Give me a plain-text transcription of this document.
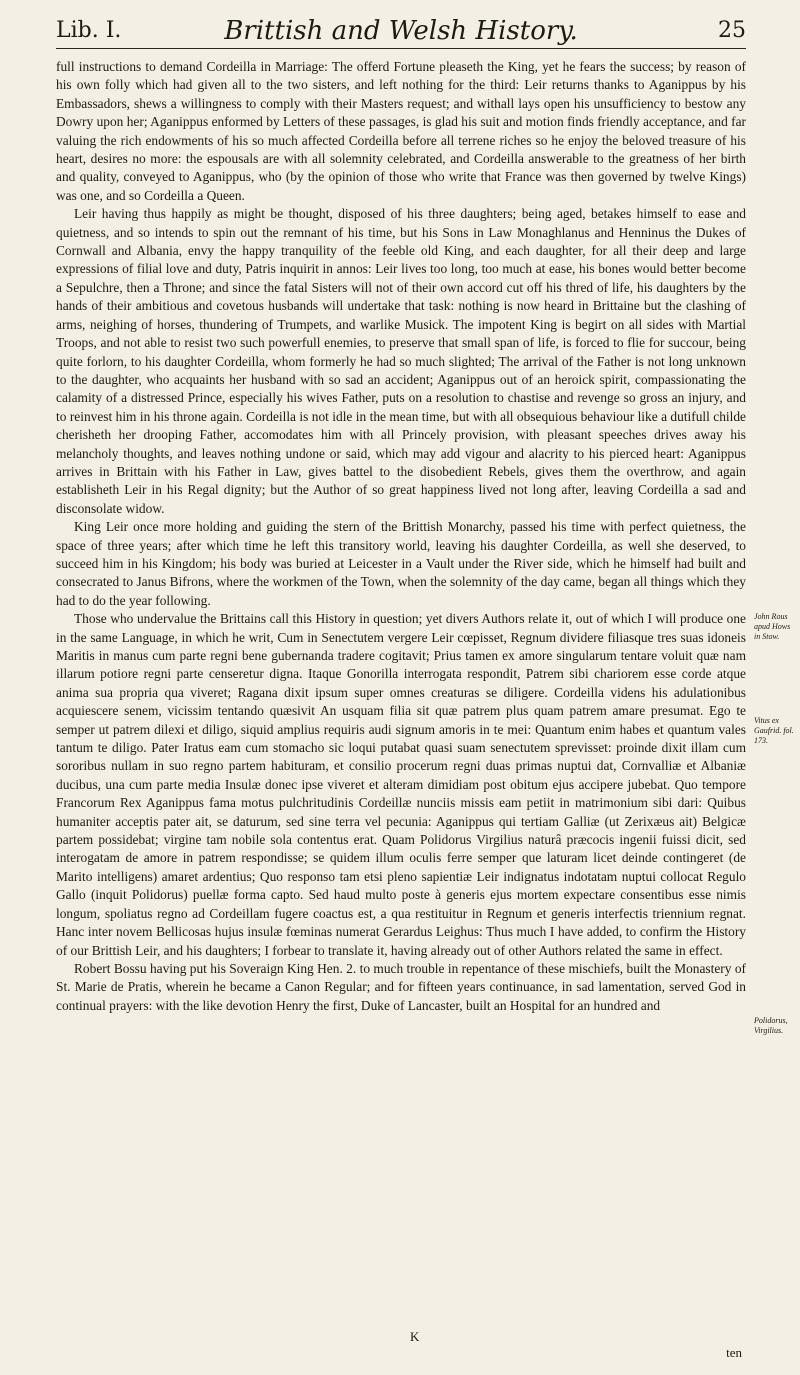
Lib. I.	Brittish and Welsh History.	25

full instructions to demand Cordeilla in Marriage: The offerd Fortune pleaseth the King, yet he fears the success; by reason of his own folly which had given all to the two sisters, and left nothing for the third: Leir returns thanks to Aganippus by his Embassadors, shews a willingness to comply with their Masters request; and withall lays open his unsufficiency to bestow any Dowry upon her; Aganippus enformed by Letters of these passages, is glad his suit and motion finds friendly acceptance, and far valuing the rich endowments of his so much affected Cordeilla before all terrene riches so he enjoy the beloved treasure of his heart, desires no more: the espousals are with all solemnity celebrated, and Cordeilla answerable to the greatness of her birth and quality, conveyed to Aganippus, who (by the opinion of those who write that France was then governed by twelve Kings) was one, and so Cordeilla a Queen.

Leir having thus happily as might be thought, disposed of his three daughters; being aged, betakes himself to ease and quietness, and so intends to spin out the remnant of his time, but his Sons in Law Monaghlanus and Henninus the Dukes of Cornwall and Albania, envy the happy tranquility of the feeble old King, and each daughter, for all their deep and large expressions of filial love and duty, Patris inquirit in annos: Leir lives too long, too much at ease, his bones would better become a Sepulchre, then a Throne; and since the fatal Sisters will not of their own accord cut off his thred of life, his daughters by the hands of their ambitious and covetous husbands will undertake that task: nothing is now heard in Brittaine but the clashing of arms, neighing of horses, thundering of Trumpets, and warlike Musick. The impotent King is begirt on all sides with Martial Troops, and not able to resist two such powerfull enemies, to preserve that small span of life, is forced to flie for succour, being quite forlorn, to his daughter Cordeilla, whom formerly he had so much slighted; The arrival of the Father is not long unknown to the daughter, who acquaints her husband with so sad an accident; Aganippus out of an heroick spirit, compassionating the calamity of a distressed Prince, especially his wives Father, puts on a resolution to chastise and revenge so gross an injury, and to reinvest him in his throne again. Cordeilla is not idle in the mean time, but with all obsequious behaviour like a dutifull childe cherisheth her drooping Father, accomodates him with all Princely provision, with pleasant speeches drives away his melancholy thoughts, and leaves nothing undone or said, which may add vigour and alacrity to his pierced heart: Aganippus arrives in Brittain with his Father in Law, gives battel to the disobedient Rebels, gives them the overthrow, and again establisheth Leir in his Regal dignity; but the Author of so great happiness lived not long after, leaving Cordeilla a sad and disconsolate widow.

King Leir once more holding and guiding the stern of the Brittish Monarchy, passed his time with perfect quietness, the space of three years; after which time he left this transitory world, leaving his daughter Cordeilla, as well she deserved, to succeed him in his Kingdom; his body was buried at Leicester in a Vault under the River side, which he himself had built and consecrated to Janus Bifrons, where the workmen of the Town, when the solemnity of the day came, began all things which they had to do the year following.

Those who undervalue the Brittains call this History in question; yet divers Authors relate it, out of which I will produce one in the same Language, in which he writ, Cum in Senectutem vergere Leir cœpisset, Regnum dividere filiasque tres suas idoneis Maritis in manus cum parte regni bene gubernanda tradere cogitavit; Prius tamen ex amore singularum tentare voluit quæ nam illarum potiore regni parte censeretur digna. Itaque Gonorilla interrogata respondit, Patrem sibi chariorem esse corde atque anima sua propria qua viveret; Ragana dixit ipsum super omnes creaturas se diligere. Cordeilla videns his adulationibus acquiescere senem, vicissim tentando quæsivit An usquam filia sit quæ patrem plus quam patrem amare presumat. Ego te semper ut patrem dilexi et diligo, siquid amplius requiris audi signum amoris in te mei: Quantum enim habes et quantum vales tantum te diligo. Pater Iratus eam cum stomacho sic loqui putabat quasi suam senectutem sprevisset: proinde dixit illam cum sororibus nullam in suo regno partem habituram, et consilio procerum regni duas primas nuptui dat, Cornvalliæ et Albaniæ ducibus, una cum parte media Insulæ donec ipse viveret et alteram dimidiam post obitum ejus accipere jubebat. Quo tempore Francorum Rex Aganippus fama motus pulchritudinis Cordeillæ nunciis missis eam petiit in matrimonium sibi dari: Quibus humaniter acceptis pater ait, se daturum, sed sine terra vel pecunia: Aganippus qui tertiam Galliæ (ut Zerixæus ait) Belgicæ partem possidebat; virgine tam nobile sola contentus erat. Quam Polidorus Virgilius naturâ præcocis ingenii fuissi dicit, sed interogatam de amore in patrem respondisse; se quidem illum oculis ferre semper que laturam licet deinde contingeret (de Marito intelligens) amaret ardentius; Quo responso tam etsi pleno sapientiæ Leir indignatus indotatam nuptui collocat Regulo Gallo (inquit Polidorus) puellæ forma capto. Sed haud multo poste à generis ejus mortem expectare consentibus esse nimis longum, spoliatus regno ad Cordeillam fugere coactus est, a qua restituitur in Regnum et generis interfectis triennium regnat. Hanc inter novem Bellicosas hujus insulæ fœminas numerat Gerardus Leighus: Thus much I have added, to confirm the History of our Brittish Leir, and his daughters; I forbear to translate it, having already out of other Authors related the same in effect.

Robert Bossu having put his Soveraign King Hen. 2. to much trouble in repentance of these mischiefs, built the Monastery of St. Marie de Pratis, wherein he became a Canon Regular; and for fifteen years continuance, in sad lamentation, served God in continual prayers: with the like devotion Henry the first, Duke of Lancaster, built an Hospital for an hundred and

John Rous apud Hows in Stow.
Vitus ex Gaufrid. fol. 173.
Polidorus, Virgilius.
K
ten
